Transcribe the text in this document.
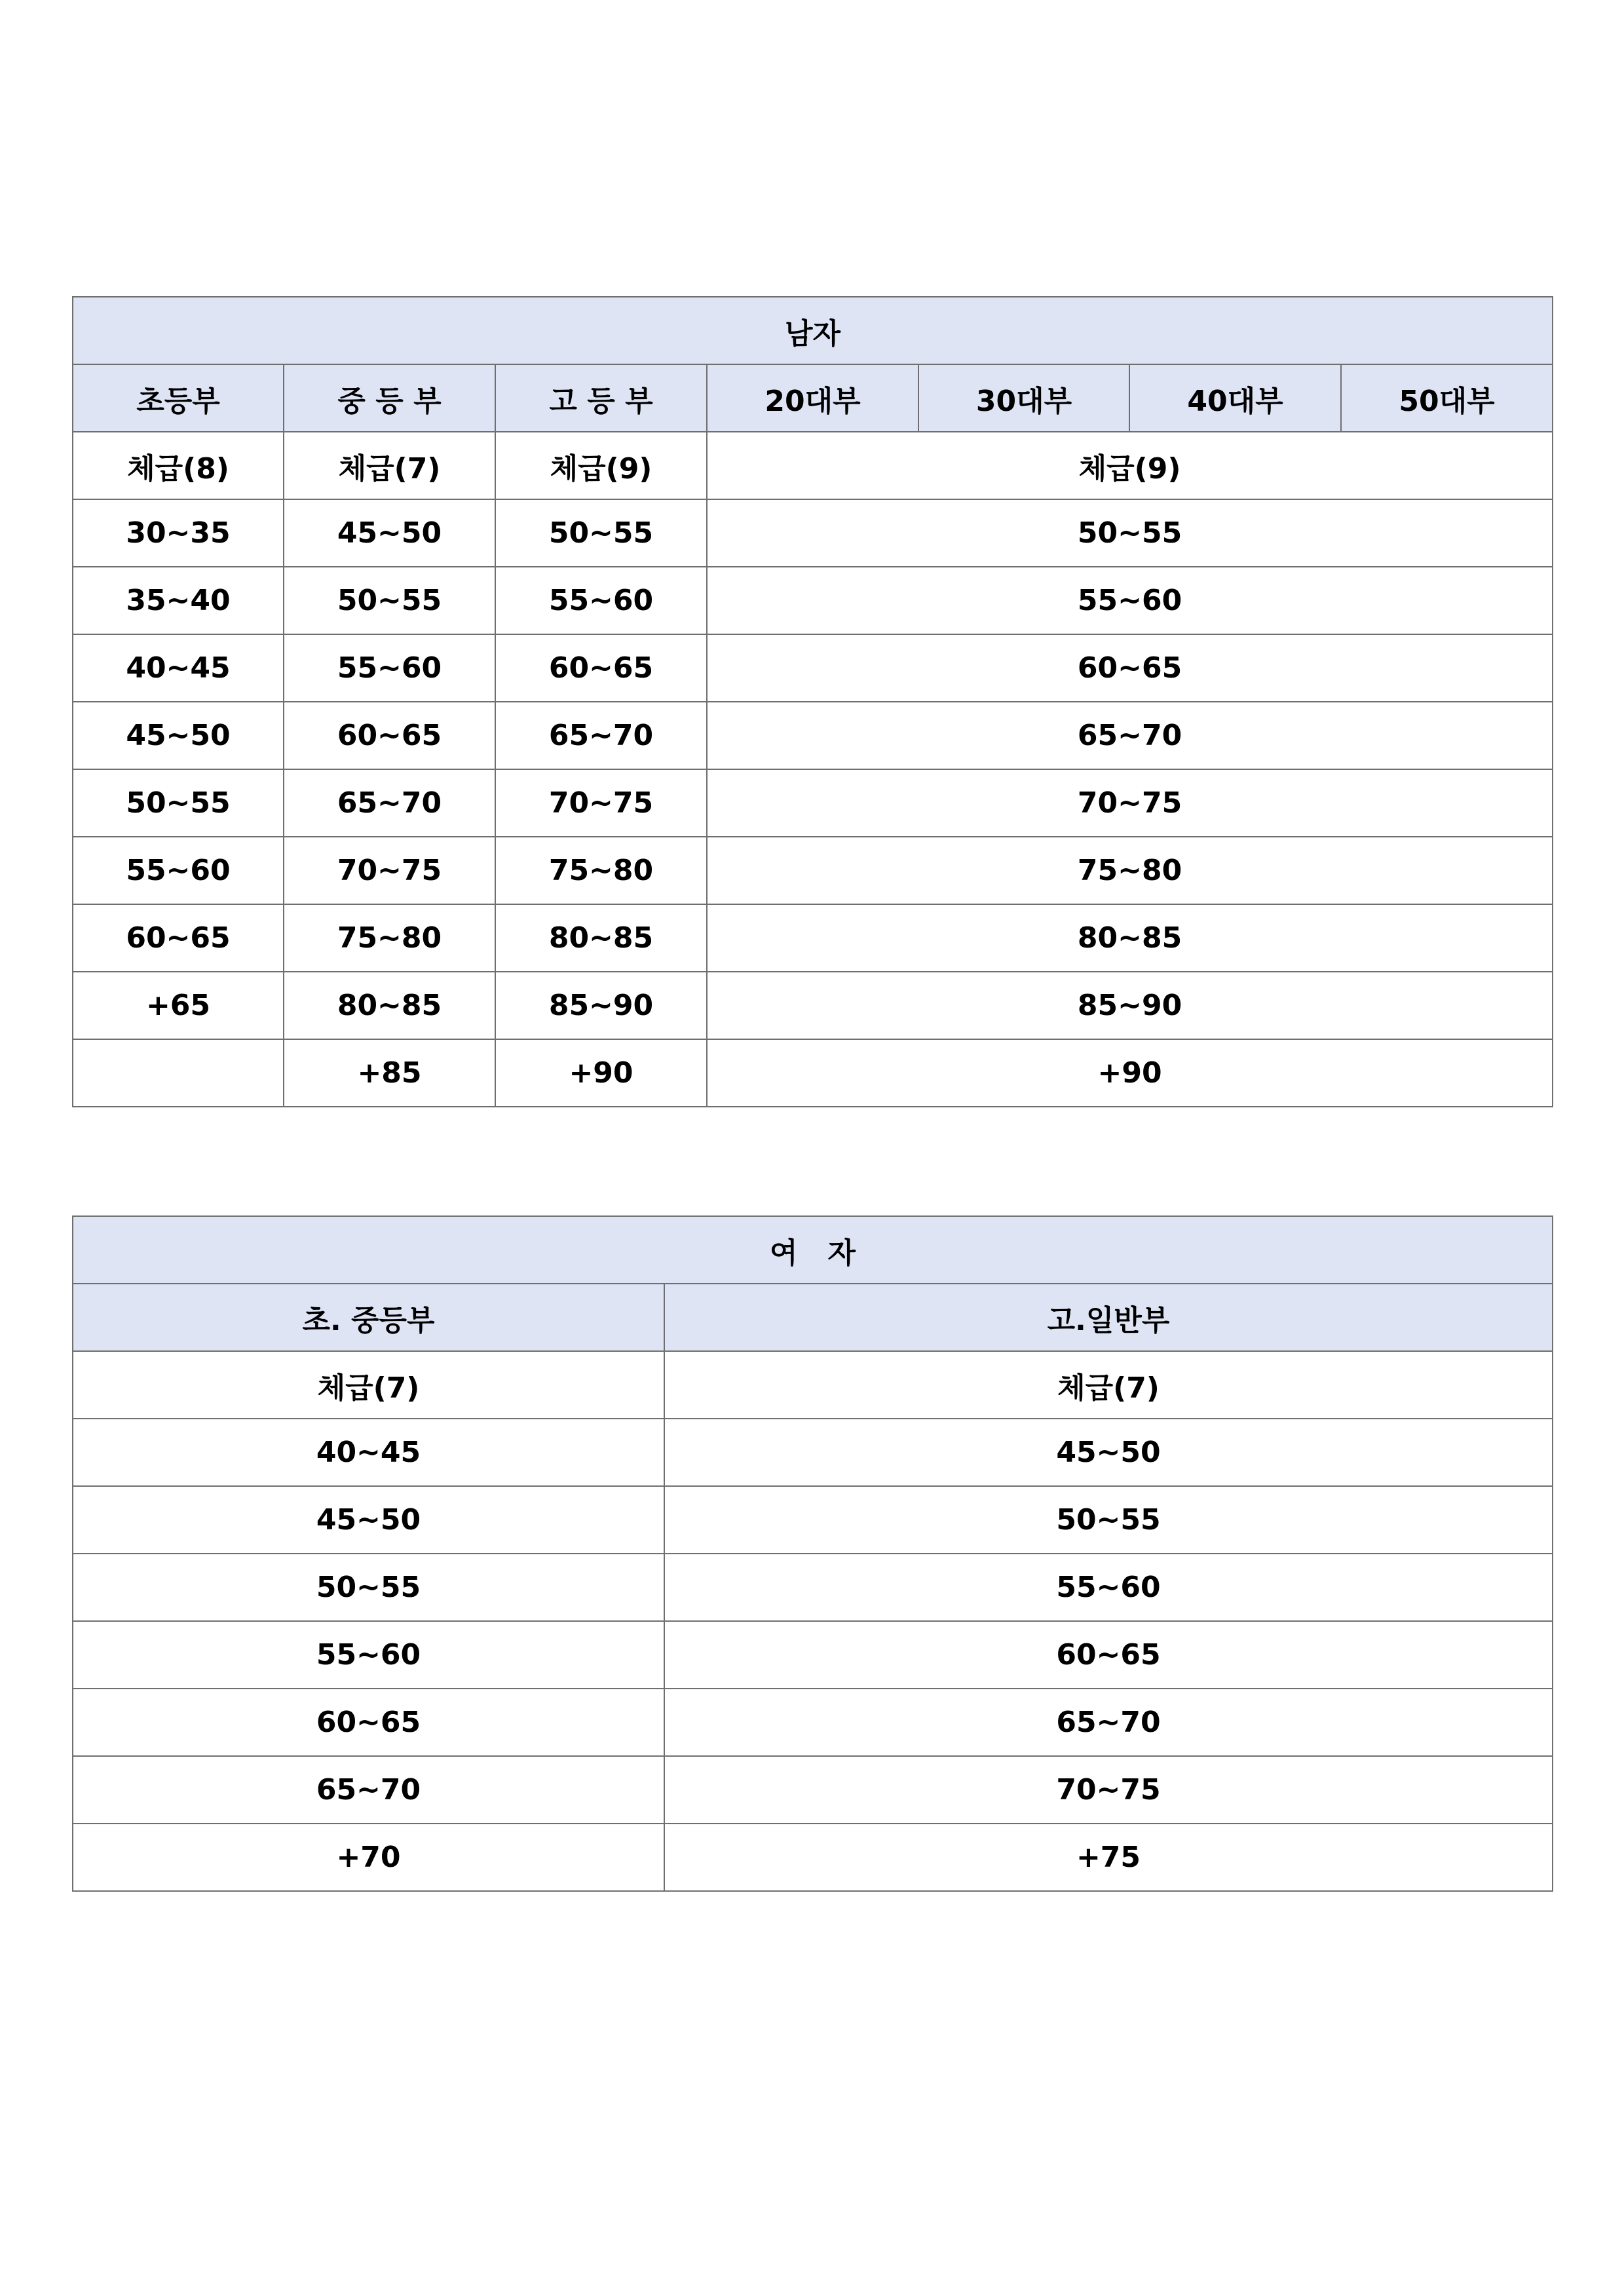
남자						
초등부	중 등 부	고 등 부	20대부	30대부	40대부	50대부
체급(8)	체급(7)	체급(9)	체급(9)			
30~35	45~50	50~55	50~55			
35~40	50~55	55~60	55~60			
40~45	55~60	60~65	60~65			
45~50	60~65	65~70	65~70			
50~55	65~70	70~75	70~75			
55~60	70~75	75~80	75~80			
60~65	75~80	80~85	80~85			
+65	80~85	85~90	85~90			
	+85	+90	+90			
여   자	
초. 중등부	고.일반부
체급(7)	체급(7)
40~45	45~50
45~50	50~55
50~55	55~60
55~60	60~65
60~65	65~70
65~70	70~75
+70	+75
